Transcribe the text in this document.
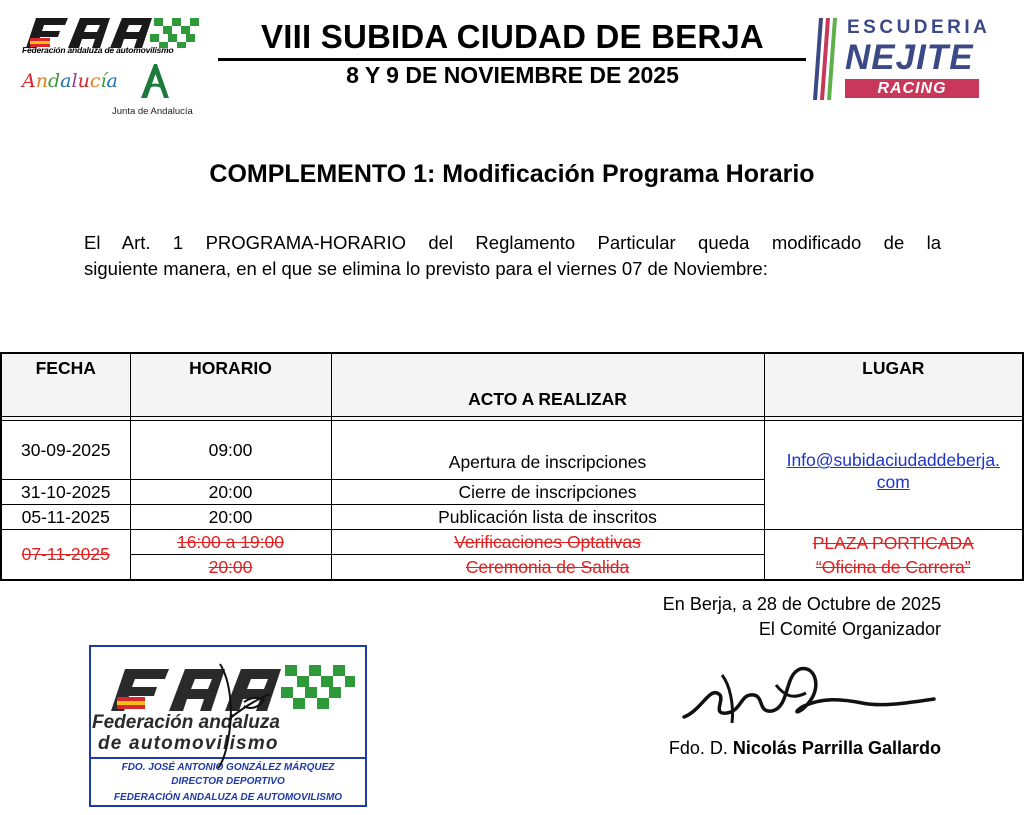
Federación andaluza de automovilismo
Andalucía
Junta de Andalucía
VIII SUBIDA CIUDAD DE BERJA
8 Y 9 DE NOVIEMBRE DE 2025
ESCUDERIA
NEJITE
RACING
COMPLEMENTO 1: Modificación Programa Horario
El Art. 1 PROGRAMA-HORARIO del Reglamento Particular queda modificado de la
siguiente manera, en el que se elimina lo previsto para el viernes 07 de Noviembre:
FECHA	HORARIO	ACTO A REALIZAR	LUGAR

30-09-2025	09:00	Apertura de inscripciones	Info@subidaciudaddeberja.
com
31-10-2025	20:00	Cierre de inscripciones	
05-11-2025	20:00	Publicación lista de inscritos	
07-11-2025	16:00 a 19:00	Verificaciones Optativas	PLAZA PORTICADA
“Oficina de Carrera”
	20:00	Ceremonia de Salida	
En Berja, a 28 de Octubre de 2025
El Comité Organizador
Fdo. D. Nicolás Parrilla Gallardo
Federación andaluza
de automovilismo
FDO. JOSÉ ANTONIO GONZÁLEZ MÁRQUEZ
DIRECTOR DEPORTIVO
FEDERACIÓN ANDALUZA DE AUTOMOVILISMO
